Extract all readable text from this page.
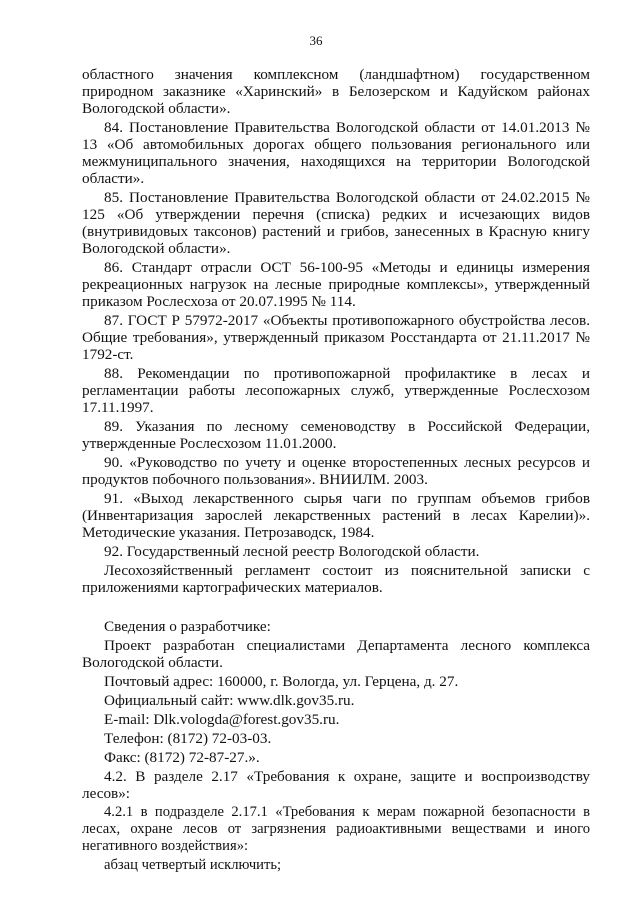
36

областного значения комплексном (ландшафтном) государственном природном заказнике «Харинский» в Белозерском и Кадуйском районах Вологодской области».

84. Постановление Правительства Вологодской области от 14.01.2013 № 13 «Об автомобильных дорогах общего пользования регионального или межмуниципального значения, находящихся на территории Вологодской области».

85. Постановление Правительства Вологодской области от 24.02.2015 № 125 «Об утверждении перечня (списка) редких и исчезающих видов (внутривидовых таксонов) растений и грибов, занесенных в Красную книгу Вологодской области».

86. Стандарт отрасли ОСТ 56-100-95 «Методы и единицы измерения рекреационных нагрузок на лесные природные комплексы», утвержденный приказом Рослесхоза от 20.07.1995 № 114.

87. ГОСТ Р 57972-2017 «Объекты противопожарного обустройства лесов. Общие требования», утвержденный приказом Росстандарта от 21.11.2017 № 1792-ст.

88. Рекомендации по противопожарной профилактике в лесах и регламентации работы лесопожарных служб, утвержденные Рослесхозом 17.11.1997.

89. Указания по лесному семеноводству в Российской Федерации, утвержденные Рослесхозом 11.01.2000.

90. «Руководство по учету и оценке второстепенных лесных ресурсов и продуктов побочного пользования». ВНИИЛМ. 2003.

91. «Выход лекарственного сырья чаги по группам объемов грибов (Инвентаризация зарослей лекарственных растений в лесах Карелии)». Методические указания. Петрозаводск, 1984.

92. Государственный лесной реестр Вологодской области.

Лесохозяйственный регламент состоит из пояснительной записки с приложениями картографических материалов.

Сведения о разработчике:

Проект разработан специалистами Департамента лесного комплекса Вологодской области.

Почтовый адрес: 160000, г. Вологда, ул. Герцена, д. 27.

Официальный сайт: www.dlk.gov35.ru.

E-mail: Dlk.vologda@forest.gov35.ru.

Телефон: (8172) 72-03-03.

Факс: (8172) 72-87-27.».

4.2. В разделе 2.17 «Требования к охране, защите и воспроизводству лесов»:

4.2.1 в подразделе 2.17.1 «Требования к мерам пожарной безопасности в лесах, охране лесов от загрязнения радиоактивными веществами и иного негативного воздействия»:

абзац четвертый исключить;
